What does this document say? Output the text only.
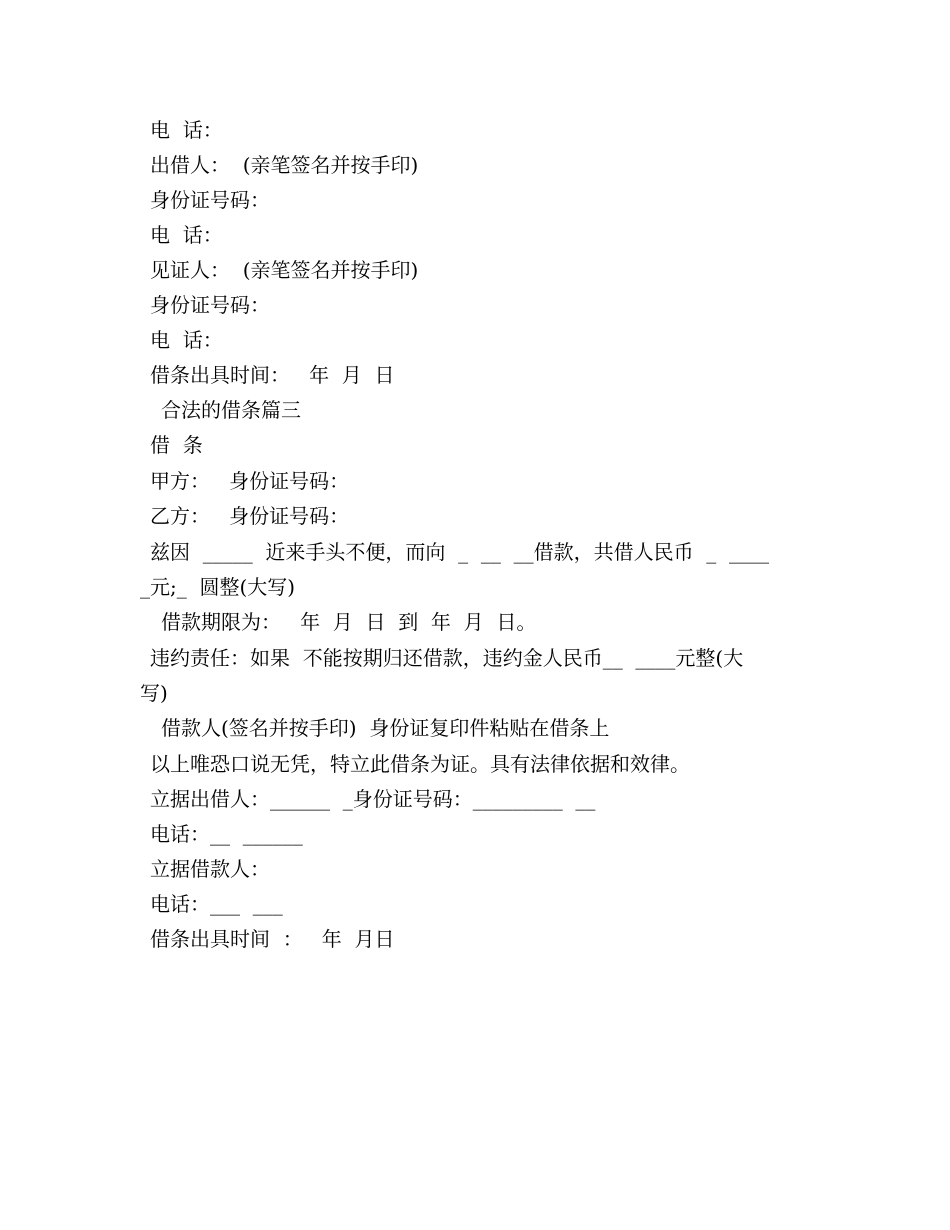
电  话：
出借人：  (亲笔签名并按手印)
身份证号码：
电  话：
见证人：  (亲笔签名并按手印)
身份证号码：
电  话：
借条出具时间：   年  月  日
合法的借条篇三
借  条
甲方：   身份证号码：
乙方：   身份证号码：
兹因  _____  近来手头不便，而向  _  __  __借款，共借人民币  _  ____
_元;_  圆整(大写)
借款期限为：   年  月  日  到  年  月  日。
违约责任：如果  不能按期归还借款，违约金人民币__  ____元整(大
写)
借款人(签名并按手印)  身份证复印件粘贴在借条上
以上唯恐口说无凭，特立此借条为证。具有法律依据和效律。
立据出借人：______  _身份证号码：_________  __
电话：__  ______
立据借款人：
电话：___  ___
借条出具时间  ：   年  月日
